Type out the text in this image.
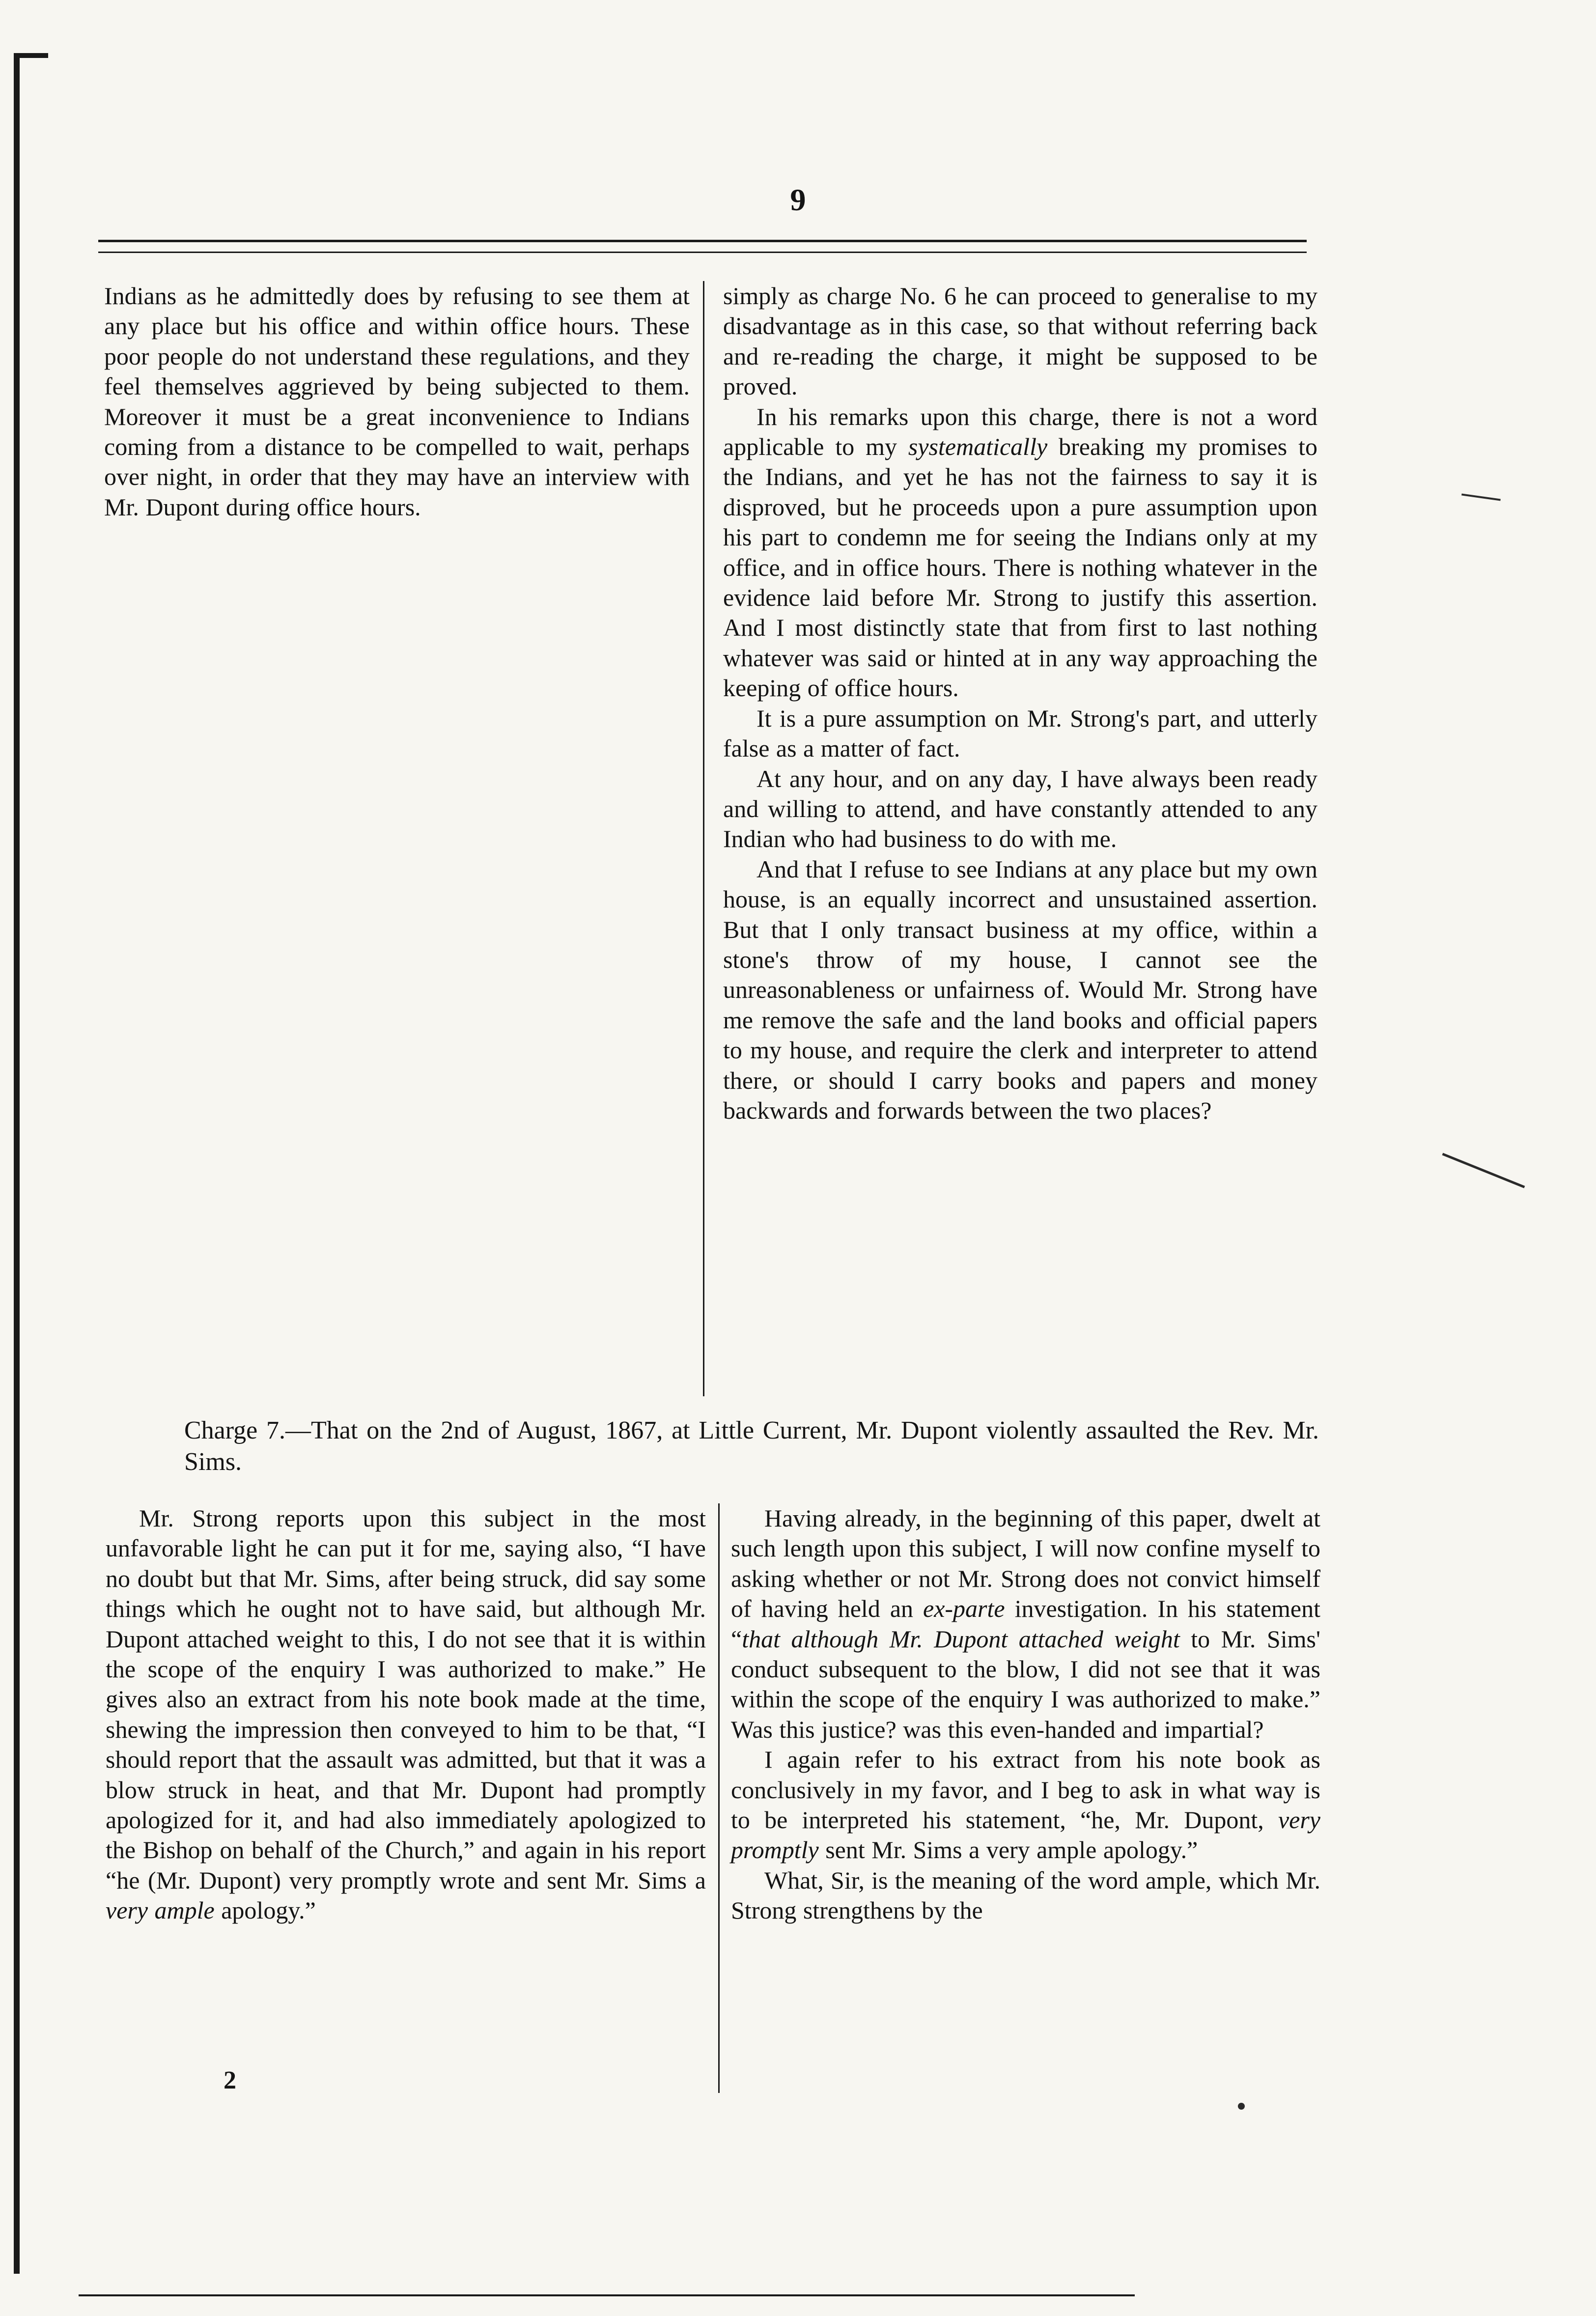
9

Indians as he admittedly does by refusing to see them at any place but his office and within office hours. These poor people do not understand these regulations, and they feel themselves aggrieved by being subjected to them. Moreover it must be a great inconvenience to Indians coming from a distance to be compelled to wait, perhaps over night, in order that they may have an interview with Mr. Dupont during office hours.

simply as charge No. 6 he can proceed to generalise to my disadvantage as in this case, so that without referring back and re-reading the charge, it might be supposed to be proved.

In his remarks upon this charge, there is not a word applicable to my systematically breaking my promises to the Indians, and yet he has not the fairness to say it is disproved, but he proceeds upon a pure assumption upon his part to condemn me for seeing the Indians only at my office, and in office hours. There is nothing whatever in the evidence laid before Mr. Strong to justify this assertion. And I most distinctly state that from first to last nothing whatever was said or hinted at in any way approaching the keeping of office hours.

It is a pure assumption on Mr. Strong's part, and utterly false as a matter of fact.

At any hour, and on any day, I have always been ready and willing to attend, and have constantly attended to any Indian who had business to do with me.

And that I refuse to see Indians at any place but my own house, is an equally incorrect and unsustained assertion. But that I only transact business at my office, within a stone's throw of my house, I cannot see the unreasonableness or unfairness of. Would Mr. Strong have me remove the safe and the land books and official papers to my house, and require the clerk and interpreter to attend there, or should I carry books and papers and money backwards and forwards between the two places?

Charge 7.—That on the 2nd of August, 1867, at Little Current, Mr. Dupont violently assaulted the Rev. Mr. Sims.

Mr. Strong reports upon this subject in the most unfavorable light he can put it for me, saying also, “I have no doubt but that Mr. Sims, after being struck, did say some things which he ought not to have said, but although Mr. Dupont attached weight to this, I do not see that it is within the scope of the enquiry I was authorized to make.” He gives also an extract from his note book made at the time, shewing the impression then conveyed to him to be that, “I should report that the assault was admitted, but that it was a blow struck in heat, and that Mr. Dupont had promptly apologized for it, and had also immediately apologized to the Bishop on behalf of the Church,” and again in his report “he (Mr. Dupont) very promptly wrote and sent Mr. Sims a very ample apology.”

2

Having already, in the beginning of this paper, dwelt at such length upon this subject, I will now confine myself to asking whether or not Mr. Strong does not convict himself of having held an ex-parte investigation. In his statement “that although Mr. Dupont attached weight to Mr. Sims' conduct subsequent to the blow, I did not see that it was within the scope of the enquiry I was authorized to make.” Was this justice? was this even-handed and impartial?

I again refer to his extract from his note book as conclusively in my favor, and I beg to ask in what way is to be interpreted his statement, “he, Mr. Dupont, very promptly sent Mr. Sims a very ample apology.”

What, Sir, is the meaning of the word ample, which Mr. Strong strengthens by the
